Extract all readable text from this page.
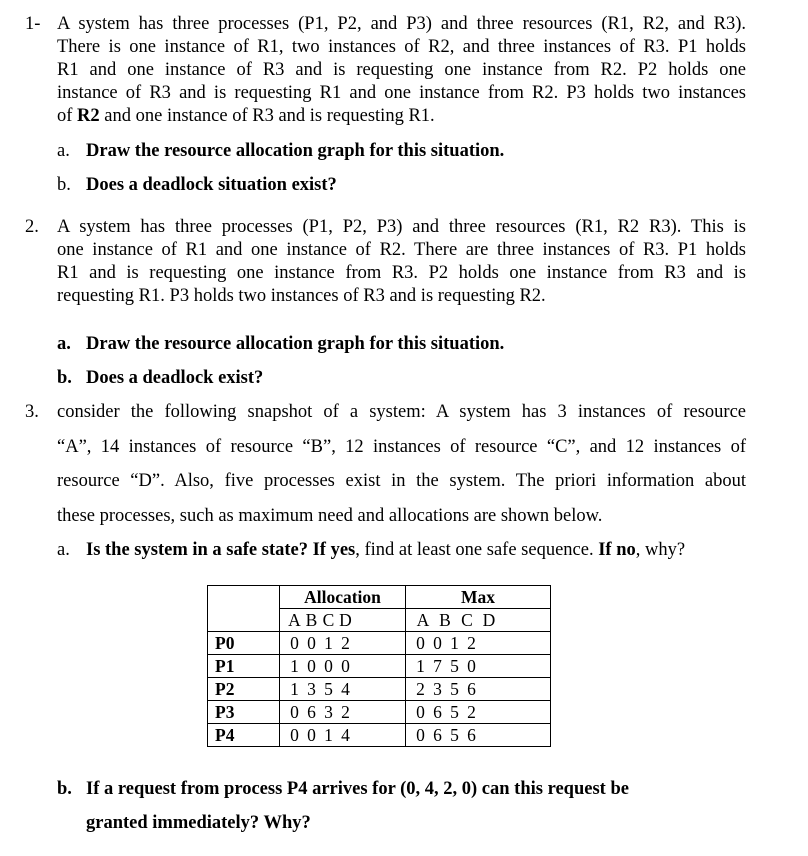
1- A system has three processes (P1, P2, and P3) and three resources (R1, R2, and R3).
There is one instance of R1, two instances of R2, and three instances of R3. P1 holds
R1 and one instance of R3 and is requesting one instance from R2. P2 holds one
instance of R3 and is requesting R1 and one instance from R2. P3 holds two instances
of R2 and one instance of R3 and is requesting R1.
a. Draw the resource allocation graph for this situation.
b. Does a deadlock situation exist?
2. A system has three processes (P1, P2, P3) and three resources (R1, R2 R3). This is
one instance of R1 and one instance of R2. There are three instances of R3. P1 holds
R1 and is requesting one instance from R3. P2 holds one instance from R3 and is
requesting R1. P3 holds two instances of R3 and is requesting R2.
a. Draw the resource allocation graph for this situation.
b. Does a deadlock exist?
3. consider the following snapshot of a system: A system has 3 instances of resource
“A”, 14 instances of resource “B”, 12 instances of resource “C”, and 12 instances of
resource “D”. Also, five processes exist in the system. The priori information about
these processes, such as maximum need and allocations are shown below.
a. Is the system in a safe state? If yes, find at least one safe sequence. If no, why?
	Allocation	Max

	A B C D	A B C D

P0	0 0 1 2	0 0 1 2

P1	1 0 0 0	1 7 5 0

P2	1 3 5 4	2 3 5 6

P3	0 6 3 2	0 6 5 2

P4	0 0 1 4	0 6 5 6
b. If a request from process P4 arrives for (0, 4, 2, 0) can this request be
granted immediately? Why?
